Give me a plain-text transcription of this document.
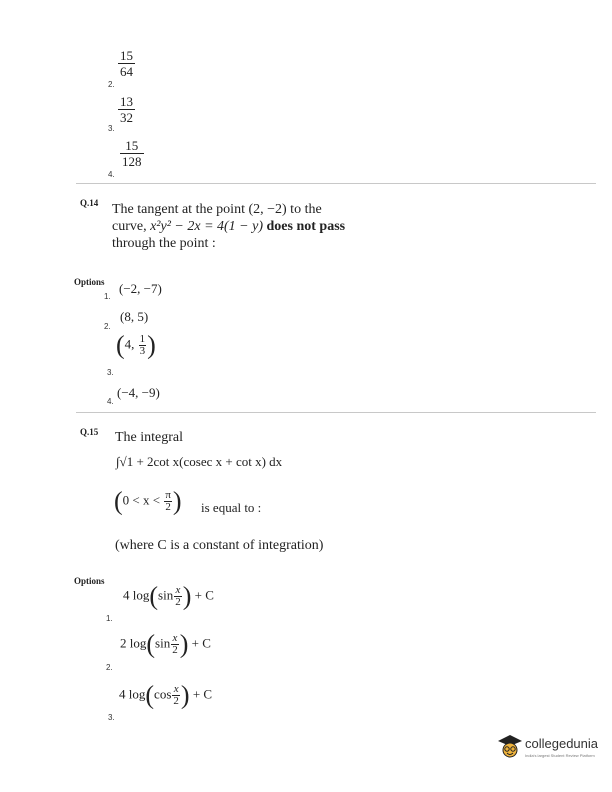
2.
$\frac{15}{64}$
3.
$\frac{13}{32}$
4.
$\frac{15}{128}$
Q.14 The tangent at the point (2, −2) to the
curve, x²y² − 2x = 4(1 − y) does not pass
through the point :
Options
1.
(−2, −7)
2.
(8, 5)
3.
(4, $\frac{1}{3}$ )
4.
(−4, −9)
Q.15 The integral
∫√1 + 2cot x(cosec x + cot x) dx
($0 < x < \frac{\pi}{2}$ ) is equal to :
(where C is a constant of integration)
Options
1.
4 $\log(\sin \frac{x}{2}$ ) + C
2.
2 $\log(\sin \frac{x}{2}$ ) + C
3.
4 $\log(\cos \frac{x}{2}$ ) + C
collegedunia
India's largest Student Review Platform
